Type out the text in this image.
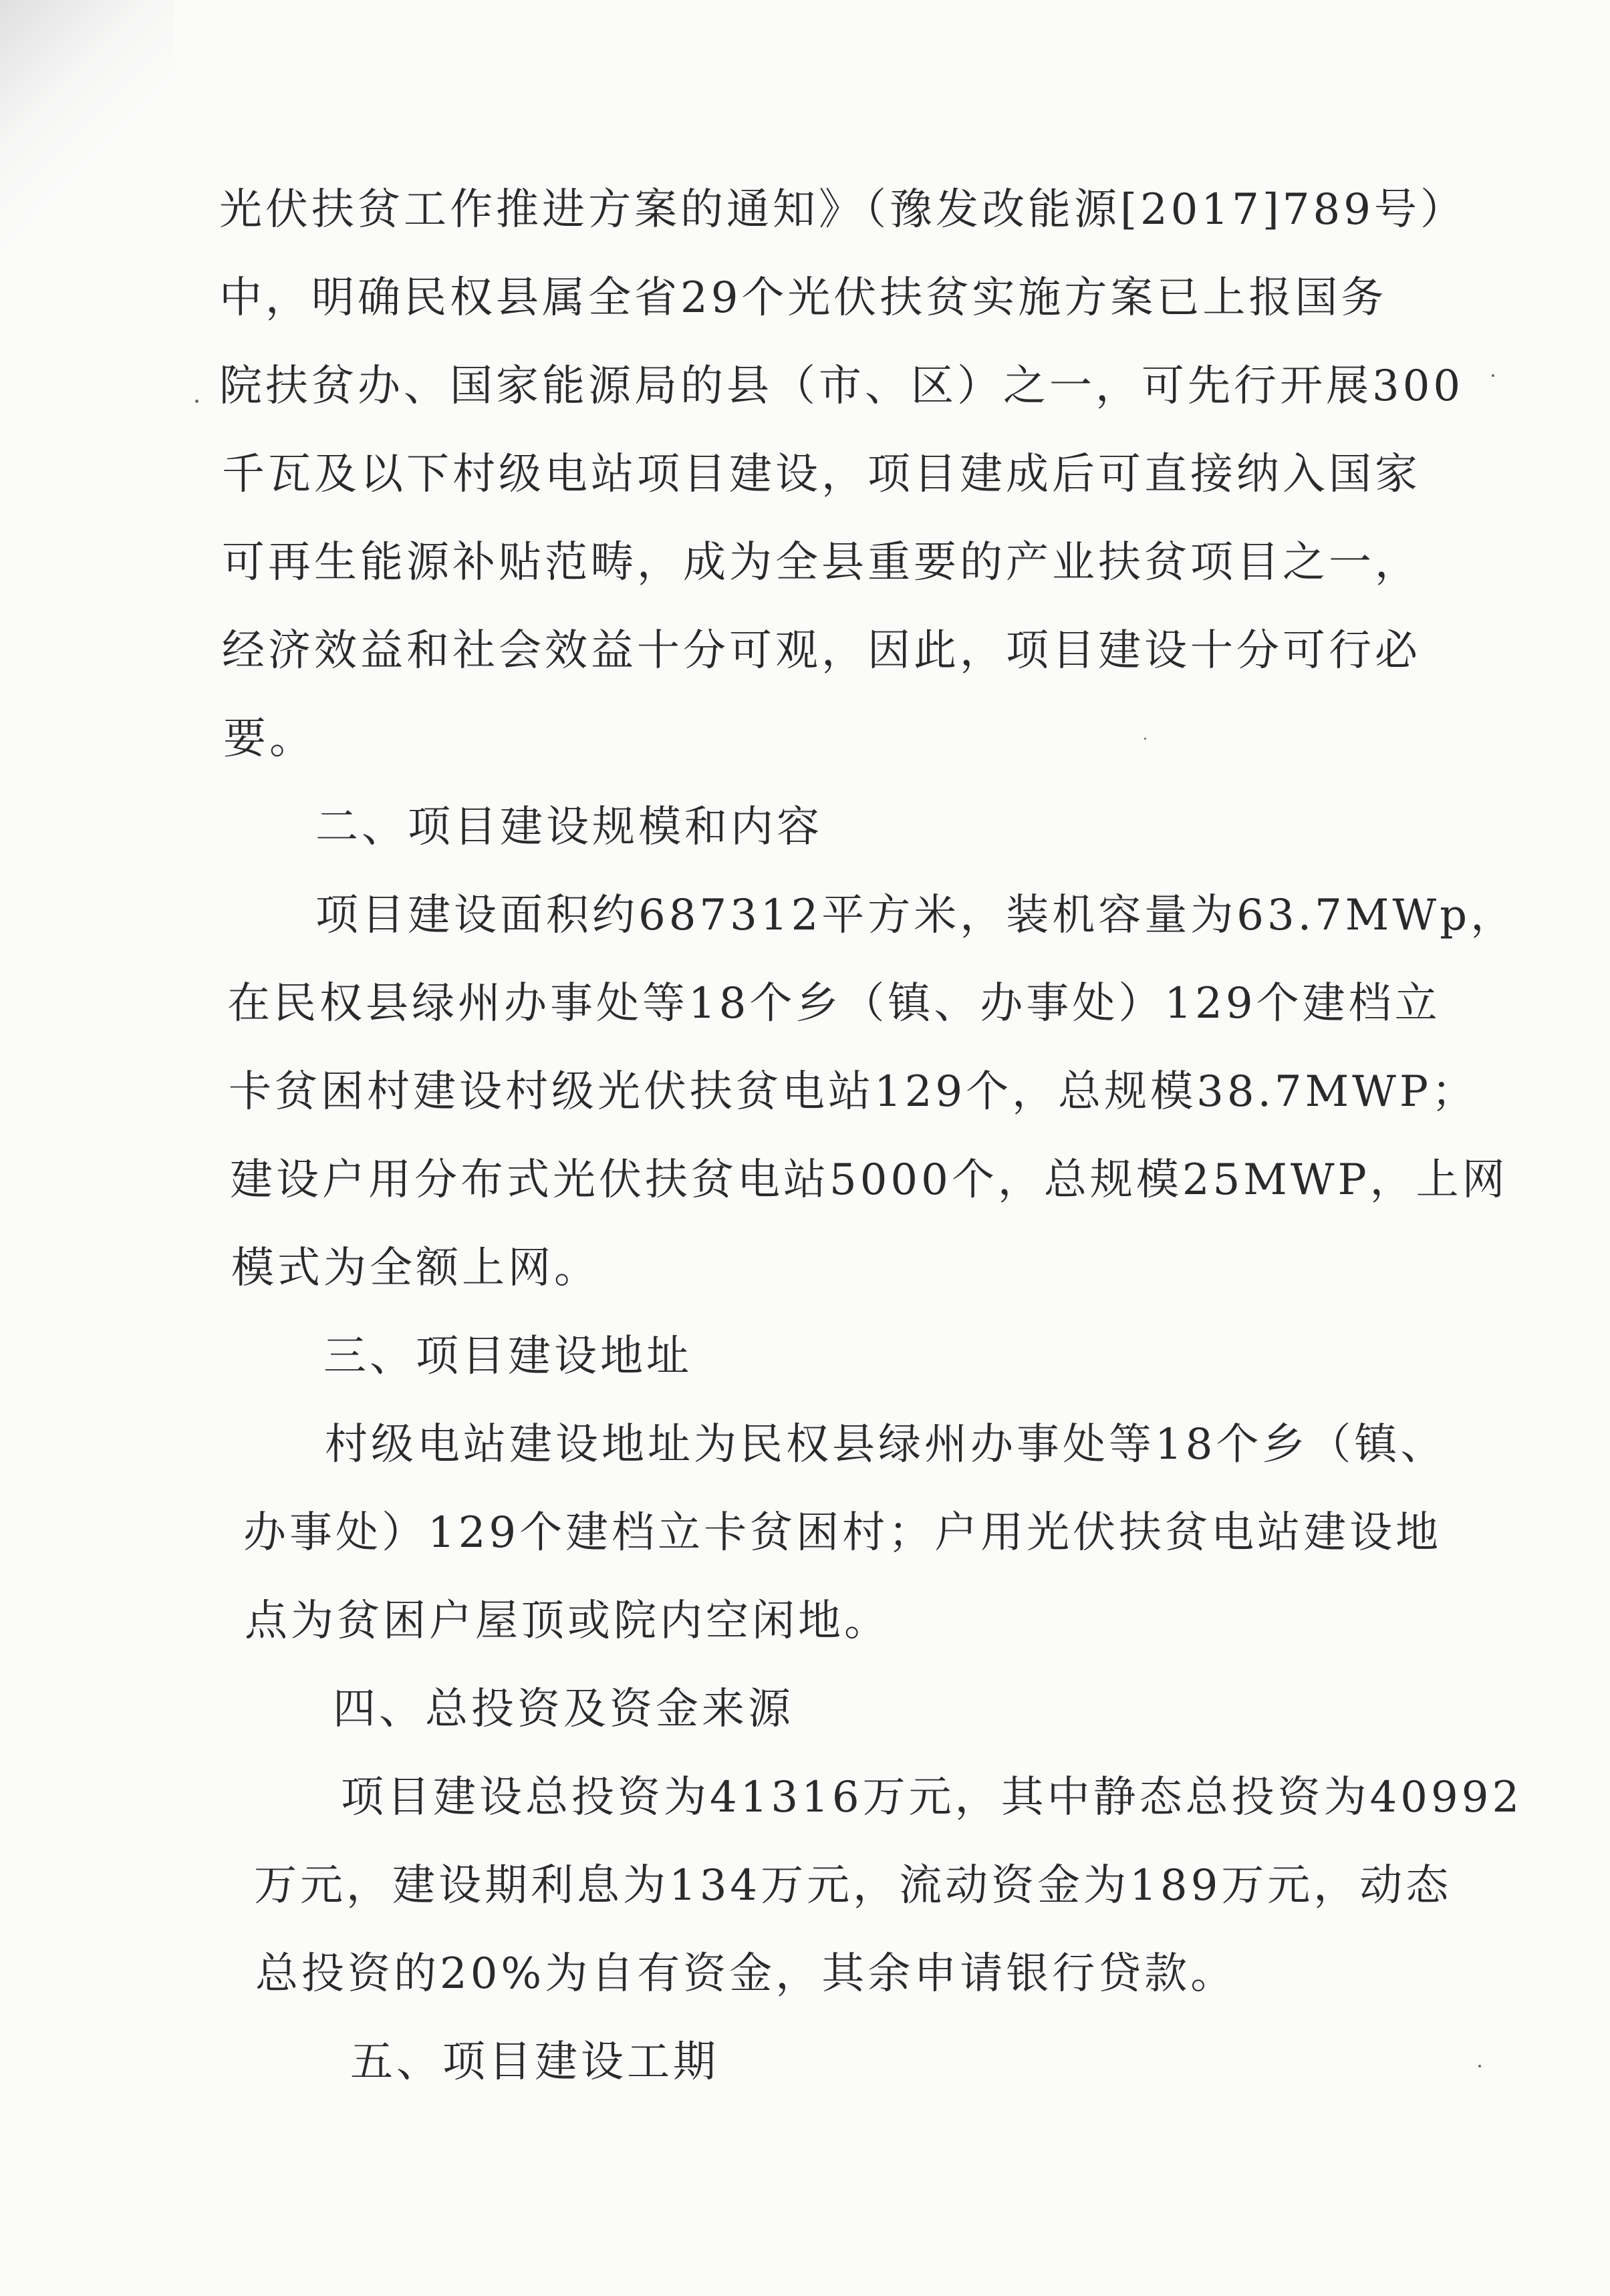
光伏扶贫工作推进方案的通知》（豫发改能源[2017]789号）
中，明确民权县属全省29个光伏扶贫实施方案已上报国务
院扶贫办、国家能源局的县（市、区）之一，可先行开展300
千瓦及以下村级电站项目建设，项目建成后可直接纳入国家
可再生能源补贴范畴，成为全县重要的产业扶贫项目之一，
经济效益和社会效益十分可观，因此，项目建设十分可行必
要。
二、项目建设规模和内容
项目建设面积约687312平方米，装机容量为63.7MWp，
在民权县绿州办事处等18个乡（镇、办事处）129个建档立
卡贫困村建设村级光伏扶贫电站129个，总规模38.7MWP；
建设户用分布式光伏扶贫电站5000个，总规模25MWP，上网
模式为全额上网。
三、项目建设地址
村级电站建设地址为民权县绿州办事处等18个乡（镇、
办事处）129个建档立卡贫困村；户用光伏扶贫电站建设地
点为贫困户屋顶或院内空闲地。
四、总投资及资金来源
项目建设总投资为41316万元，其中静态总投资为40992
万元，建设期利息为134万元，流动资金为189万元，动态
总投资的20%为自有资金，其余申请银行贷款。
五、项目建设工期
